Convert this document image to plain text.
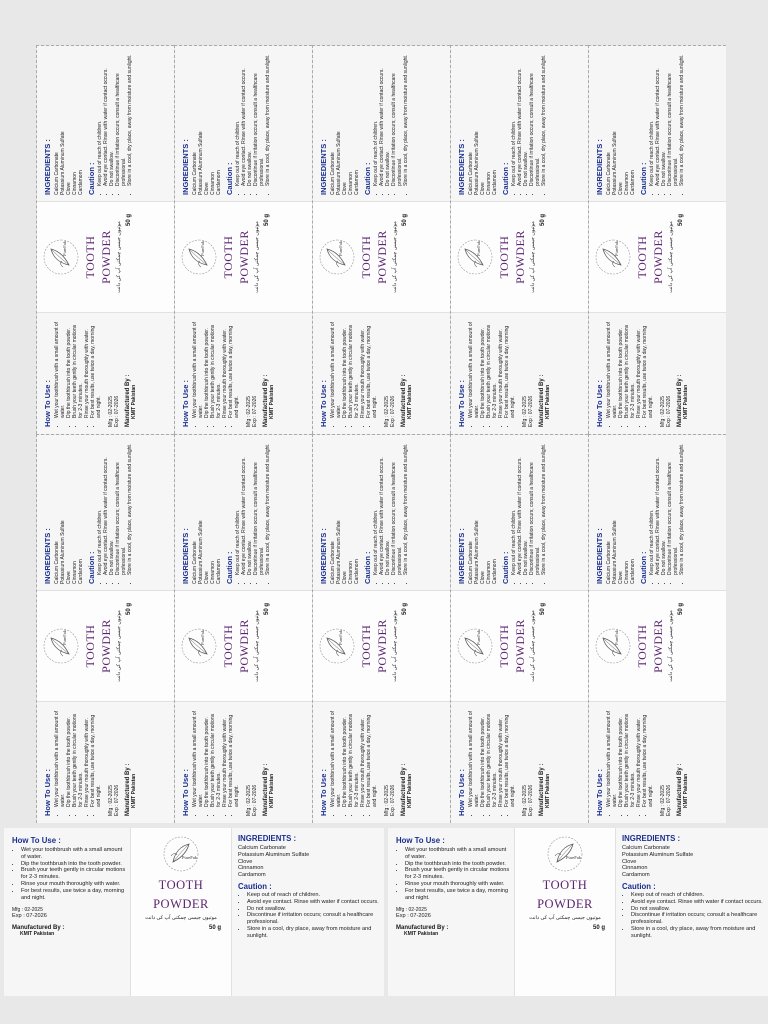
How To Use : • Wet your toothbrush with a small amount of water. • Dip the toothbrush into the tooth powder. • Brush your teeth gently in circular motions for 2-3 minutes. • Rinse your mouth thoroughly with water. • For best results, use twice a day, morning and night. Mfg : 02-2025 Exp : 07-2026 Manufactured By : KMIT Pakistan
PureFak TOOTH POWDER موتیوں جیسی چمکتی آپ کی دانت
50 g
INGREDIENTS : Calcium Carbonate Potassium Aluminum Sulfate Clove Cinnamon Cardamom Caution : • Keep out of reach of children. • Avoid eye contact. Rinse with water if contact occurs. • Do not swallow. • Discontinue if irritation occurs; consult a healthcare professional. • Store in a cool, dry place, away from moisture and sunlight.
How To Use : • Wet your toothbrush with a small amount of water. • Dip the toothbrush into the tooth powder. • Brush your teeth gently in circular motions for 2-3 minutes. • Rinse your mouth thoroughly with water. • For best results, use twice a day, morning and night. Mfg : 02-2025 Exp : 07-2026 Manufactured By : KMIT Pakistan
PureFak TOOTH POWDER موتیوں جیسی چمکتی آپ کی دانت
50 g
INGREDIENTS : Calcium Carbonate Potassium Aluminum Sulfate Clove Cinnamon Cardamom Caution : • Keep out of reach of children. • Avoid eye contact. Rinse with water if contact occurs. • Do not swallow. • Discontinue if irritation occurs; consult a healthcare professional. • Store in a cool, dry place, away from moisture and sunlight.
How To Use : • Wet your toothbrush with a small amount of water. • Dip the toothbrush into the tooth powder. • Brush your teeth gently in circular motions for 2-3 minutes. • Rinse your mouth thoroughly with water. • For best results, use twice a day, morning and night. Mfg : 02-2025 Exp : 07-2026 Manufactured By : KMIT Pakistan
PureFak TOOTH POWDER موتیوں جیسی چمکتی آپ کی دانت
50 g
INGREDIENTS : Calcium Carbonate Potassium Aluminum Sulfate Clove Cinnamon Cardamom Caution : • Keep out of reach of children. • Avoid eye contact. Rinse with water if contact occurs. • Do not swallow. • Discontinue if irritation occurs; consult a healthcare professional. • Store in a cool, dry place, away from moisture and sunlight.
How To Use : • Wet your toothbrush with a small amount of water. • Dip the toothbrush into the tooth powder. • Brush your teeth gently in circular motions for 2-3 minutes. • Rinse your mouth thoroughly with water. • For best results, use twice a day, morning and night. Mfg : 02-2025 Exp : 07-2026 Manufactured By : KMIT Pakistan
PureFak TOOTH POWDER موتیوں جیسی چمکتی آپ کی دانت
50 g
INGREDIENTS : Calcium Carbonate Potassium Aluminum Sulfate Clove Cinnamon Cardamom Caution : • Keep out of reach of children. • Avoid eye contact. Rinse with water if contact occurs. • Do not swallow. • Discontinue if irritation occurs; consult a healthcare professional. • Store in a cool, dry place, away from moisture and sunlight.
How To Use : • Wet your toothbrush with a small amount of water. • Dip the toothbrush into the tooth powder. • Brush your teeth gently in circular motions for 2-3 minutes. • Rinse your mouth thoroughly with water. • For best results, use twice a day, morning and night. Mfg : 02-2025 Exp : 07-2026 Manufactured By : KMIT Pakistan
PureFak TOOTH POWDER موتیوں جیسی چمکتی آپ کی دانت
50 g
INGREDIENTS : Calcium Carbonate Potassium Aluminum Sulfate Clove Cinnamon Cardamom Caution : • Keep out of reach of children. • Avoid eye contact. Rinse with water if contact occurs. • Do not swallow. • Discontinue if irritation occurs; consult a healthcare professional. • Store in a cool, dry place, away from moisture and sunlight.
How To Use : • Wet your toothbrush with a small amount of water. • Dip the toothbrush into the tooth powder. • Brush your teeth gently in circular motions for 2-3 minutes. • Rinse your mouth thoroughly with water. • For best results, use twice a day, morning and night. Mfg : 02-2025 Exp : 07-2026 Manufactured By : KMIT Pakistan
PureFak TOOTH POWDER موتیوں جیسی چمکتی آپ کی دانت
50 g
INGREDIENTS : Calcium Carbonate Potassium Aluminum Sulfate Clove Cinnamon Cardamom Caution : • Keep out of reach of children. • Avoid eye contact. Rinse with water if contact occurs. • Do not swallow. • Discontinue if irritation occurs; consult a healthcare professional. • Store in a cool, dry place, away from moisture and sunlight.
How To Use : • Wet your toothbrush with a small amount of water. • Dip the toothbrush into the tooth powder. • Brush your teeth gently in circular motions for 2-3 minutes. • Rinse your mouth thoroughly with water. • For best results, use twice a day, morning and night. Mfg : 02-2025 Exp : 07-2026 Manufactured By : KMIT Pakistan
PureFak TOOTH POWDER موتیوں جیسی چمکتی آپ کی دانت
50 g
INGREDIENTS : Calcium Carbonate Potassium Aluminum Sulfate Clove Cinnamon Cardamom Caution : • Keep out of reach of children. • Avoid eye contact. Rinse with water if contact occurs. • Do not swallow. • Discontinue if irritation occurs; consult a healthcare professional. • Store in a cool, dry place, away from moisture and sunlight.
How To Use : • Wet your toothbrush with a small amount of water. • Dip the toothbrush into the tooth powder. • Brush your teeth gently in circular motions for 2-3 minutes. • Rinse your mouth thoroughly with water. • For best results, use twice a day, morning and night. Mfg : 02-2025 Exp : 07-2026 Manufactured By : KMIT Pakistan
PureFak TOOTH POWDER موتیوں جیسی چمکتی آپ کی دانت
50 g
INGREDIENTS : Calcium Carbonate Potassium Aluminum Sulfate Clove Cinnamon Cardamom Caution : • Keep out of reach of children. • Avoid eye contact. Rinse with water if contact occurs. • Do not swallow. • Discontinue if irritation occurs; consult a healthcare professional. • Store in a cool, dry place, away from moisture and sunlight.
How To Use : • Wet your toothbrush with a small amount of water. • Dip the toothbrush into the tooth powder. • Brush your teeth gently in circular motions for 2-3 minutes. • Rinse your mouth thoroughly with water. • For best results, use twice a day, morning and night. Mfg : 02-2025 Exp : 07-2026 Manufactured By : KMIT Pakistan
PureFak TOOTH POWDER موتیوں جیسی چمکتی آپ کی دانت
50 g
INGREDIENTS : Calcium Carbonate Potassium Aluminum Sulfate Clove Cinnamon Cardamom Caution : • Keep out of reach of children. • Avoid eye contact. Rinse with water if contact occurs. • Do not swallow. • Discontinue if irritation occurs; consult a healthcare professional. • Store in a cool, dry place, away from moisture and sunlight.
How To Use : • Wet your toothbrush with a small amount of water. • Dip the toothbrush into the tooth powder. • Brush your teeth gently in circular motions for 2-3 minutes. • Rinse your mouth thoroughly with water. • For best results, use twice a day, morning and night. Mfg : 02-2025 Exp : 07-2026 Manufactured By : KMIT Pakistan
PureFak TOOTH POWDER موتیوں جیسی چمکتی آپ کی دانت
50 g
INGREDIENTS : Calcium Carbonate Potassium Aluminum Sulfate Clove Cinnamon Cardamom Caution : • Keep out of reach of children. • Avoid eye contact. Rinse with water if contact occurs. • Do not swallow. • Discontinue if irritation occurs; consult a healthcare professional. • Store in a cool, dry place, away from moisture and sunlight.
How To Use :
• Wet your toothbrush with a small amount of water.
• Dip the toothbrush into the tooth powder.
• Brush your teeth gently in circular motions for 2-3 minutes.
• Rinse your mouth thoroughly with water.
• For best results, use twice a day, morning and night.
Mfg : 02-2025
Exp : 07-2026
Manufactured By :
KMIT Pakistan
PureFak
TOOTH
POWDER
موتیوں جیسی چمکتی آپ کی دانت
50 g
INGREDIENTS :
Calcium Carbonate
Potassium Aluminum Sulfate
Clove
Cinnamon
Cardamom
Caution :
• Keep out of reach of children.
• Avoid eye contact. Rinse with water if contact occurs.
• Do not swallow.
• Discontinue if irritation occurs; consult a healthcare professional.
• Store in a cool, dry place, away from moisture and sunlight.
How To Use :
• Wet your toothbrush with a small amount of water.
• Dip the toothbrush into the tooth powder.
• Brush your teeth gently in circular motions for 2-3 minutes.
• Rinse your mouth thoroughly with water.
• For best results, use twice a day, morning and night.
Mfg : 02-2025
Exp : 07-2026
Manufactured By :
KMIT Pakistan
PureFak
TOOTH
POWDER
موتیوں جیسی چمکتی آپ کی دانت
50 g
INGREDIENTS :
Calcium Carbonate
Potassium Aluminum Sulfate
Clove
Cinnamon
Cardamom
Caution :
• Keep out of reach of children.
• Avoid eye contact. Rinse with water if contact occurs.
• Do not swallow.
• Discontinue if irritation occurs; consult a healthcare professional.
• Store in a cool, dry place, away from moisture and sunlight.
